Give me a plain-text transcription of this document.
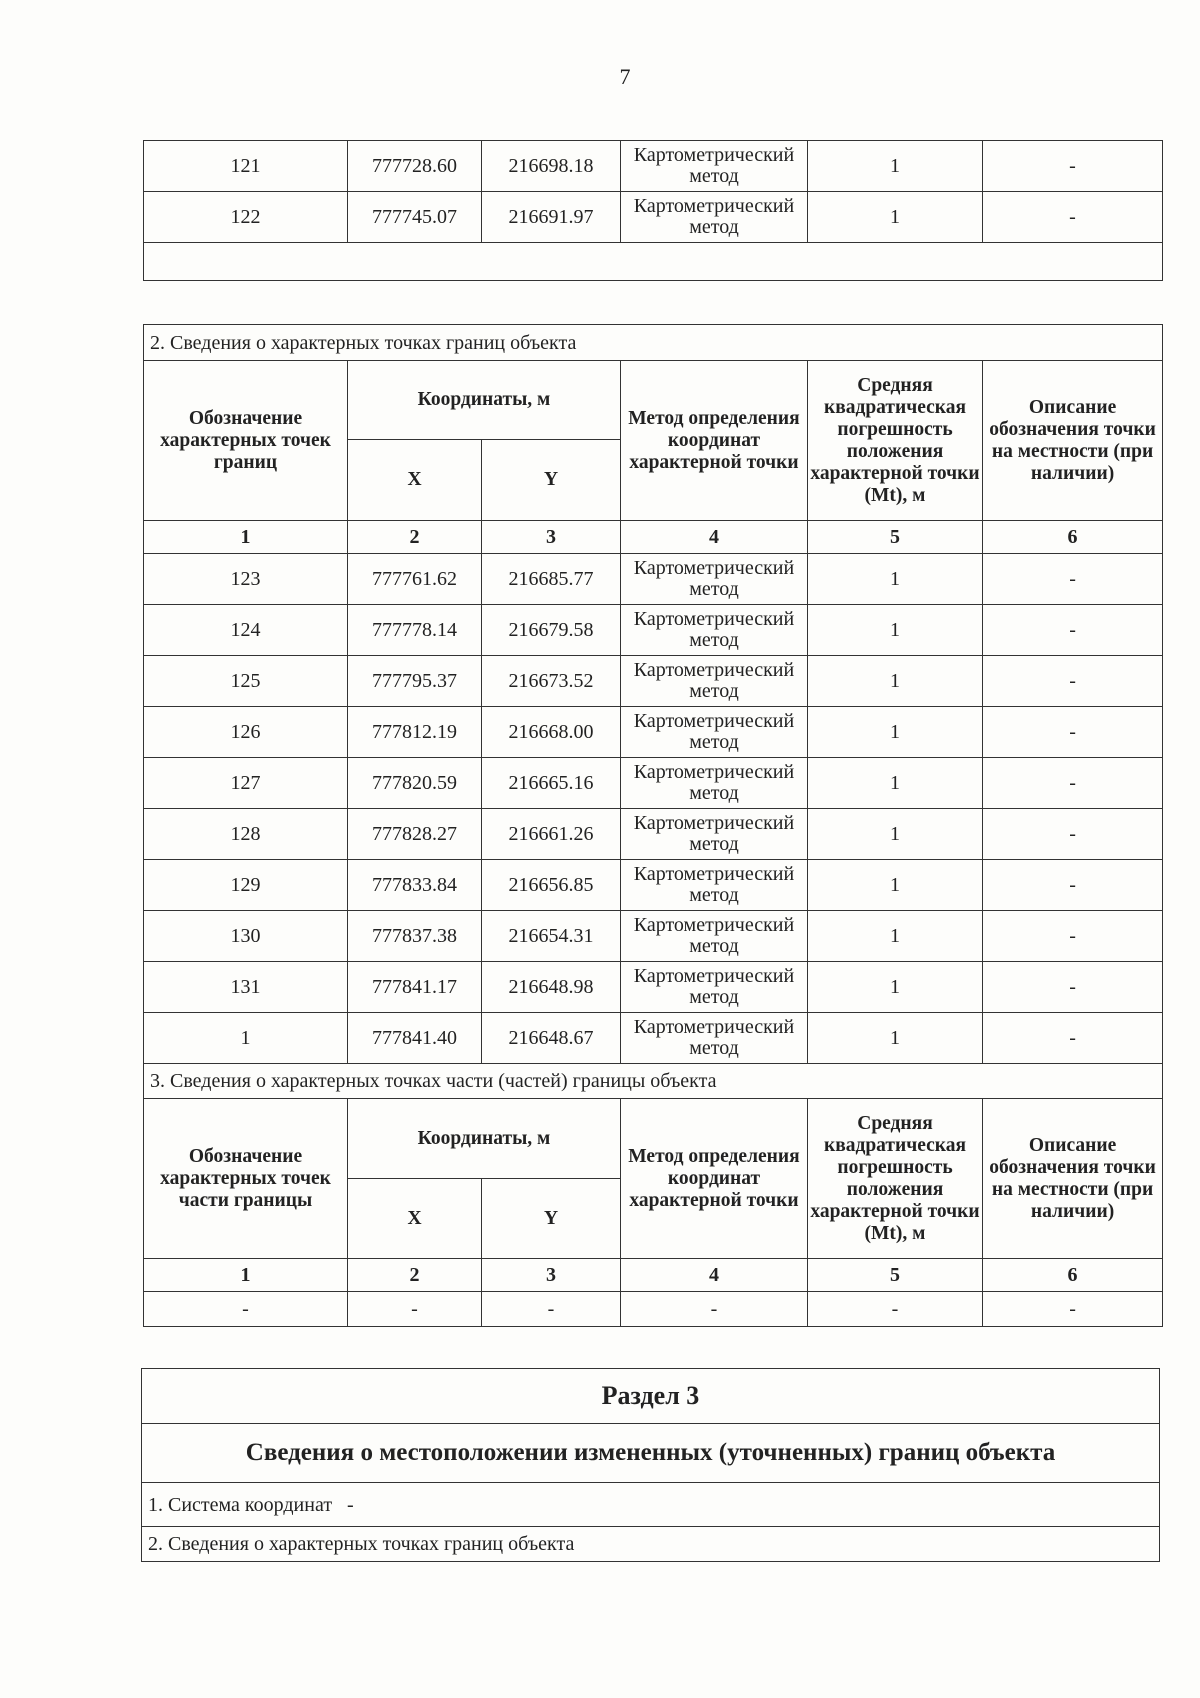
7
121	777728.60	216698.18	Картометрический метод	1	-
122	777745.07	216691.97	Картометрический метод	1	-

2. Сведения о характерных точках границ объекта					
Обозначение характерных точек границ	Координаты, м		Метод определения координат характерной точки	Средняя квадратическая погрешность положения характерной точки (Mt), м	Описание обозначения точки на местности (при наличии)
	X	Y			
1	2	3	4	5	6
123	777761.62	216685.77	Картометрический метод	1	-
124	777778.14	216679.58	Картометрический метод	1	-
125	777795.37	216673.52	Картометрический метод	1	-
126	777812.19	216668.00	Картометрический метод	1	-
127	777820.59	216665.16	Картометрический метод	1	-
128	777828.27	216661.26	Картометрический метод	1	-
129	777833.84	216656.85	Картометрический метод	1	-
130	777837.38	216654.31	Картометрический метод	1	-
131	777841.17	216648.98	Картометрический метод	1	-
1	777841.40	216648.67	Картометрический метод	1	-
3. Сведения о характерных точках части (частей) границы объекта					
Обозначение характерных точек части границы	Координаты, м		Метод определения координат характерной точки	Средняя квадратическая погрешность положения характерной точки (Mt), м	Описание обозначения точки на местности (при наличии)
	X	Y			
1	2	3	4	5	6
-	-	-	-	-	-
Раздел 3
Сведения о местоположении измененных (уточненных) границ объекта
1. Система координат   -
2. Сведения о характерных точках границ объекта
